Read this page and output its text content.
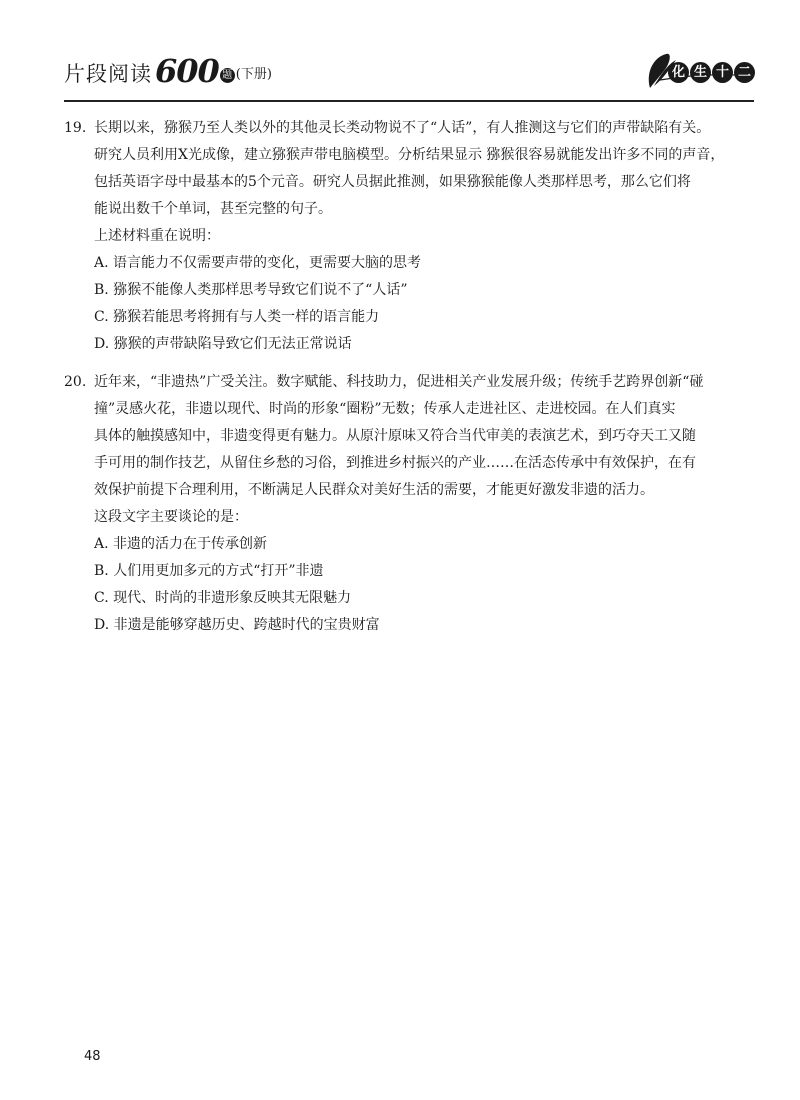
片段阅读 600 题 (下册)	化 生 十 二
19. 长期以来，猕猴乃至人类以外的其他灵长类动物说不了“人话”，有人推测这与它们的声带缺陷有关。
研究人员利用X光成像，建立猕猴声带电脑模型。分析结果显示 猕猴很容易就能发出许多不同的声音，
包括英语字母中最基本的5个元音。研究人员据此推测，如果猕猴能像人类那样思考，那么它们将
能说出数千个单词，甚至完整的句子。
上述材料重在说明：
A. 语言能力不仅需要声带的变化，更需要大脑的思考
B. 猕猴不能像人类那样思考导致它们说不了“人话”
C. 猕猴若能思考将拥有与人类一样的语言能力
D. 猕猴的声带缺陷导致它们无法正常说话
20. 近年来，“非遗热”广受关注。数字赋能、科技助力，促进相关产业发展升级；传统手艺跨界创新“碰
撞”灵感火花，非遗以现代、时尚的形象“圈粉”无数；传承人走进社区、走进校园。在人们真实
具体的触摸感知中，非遗变得更有魅力。从原汁原味又符合当代审美的表演艺术，到巧夺天工又随
手可用的制作技艺，从留住乡愁的习俗，到推进乡村振兴的产业……在活态传承中有效保护，在有
效保护前提下合理利用，不断满足人民群众对美好生活的需要，才能更好激发非遗的活力。
这段文字主要谈论的是：
A. 非遗的活力在于传承创新
B. 人们用更加多元的方式“打开”非遗
C. 现代、时尚的非遗形象反映其无限魅力
D. 非遗是能够穿越历史、跨越时代的宝贵财富
48
